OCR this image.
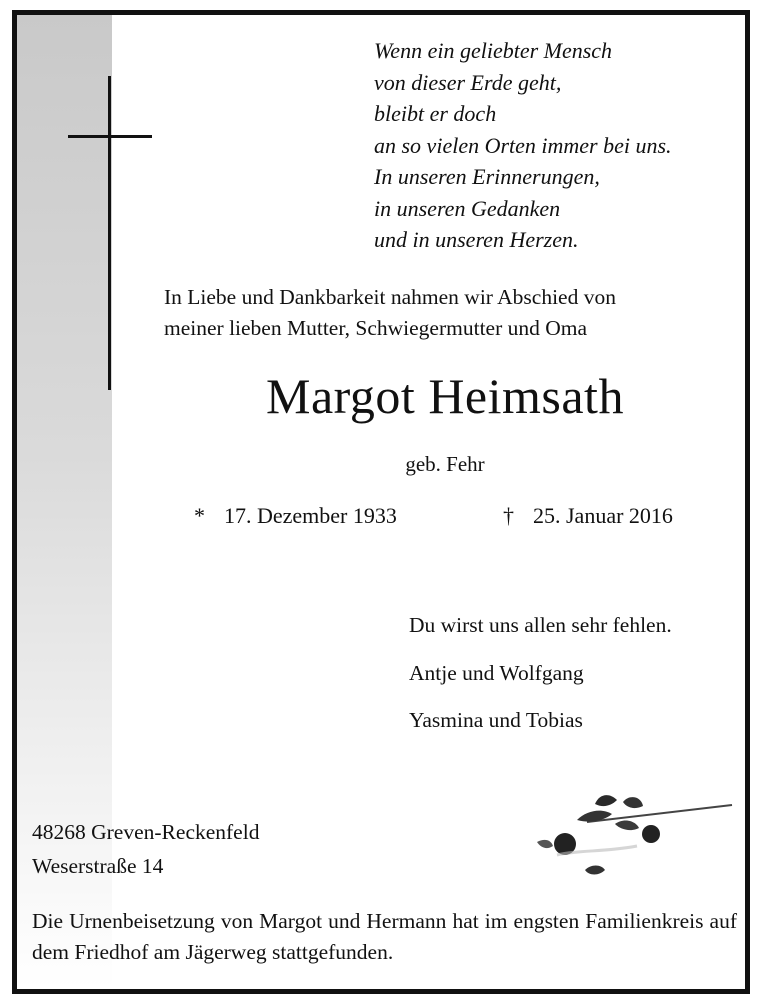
Wenn ein geliebter Mensch
von dieser Erde geht,
bleibt er doch
an so vielen Orten immer bei uns.
In unseren Erinnerungen,
in unseren Gedanken
und in unseren Herzen.
In Liebe und Dankbarkeit nahmen wir Abschied von
meiner lieben Mutter, Schwiegermutter und Oma
Margot Heimsath
geb. Fehr
* 17. Dezember 1933	† 25. Januar 2016
Du wirst uns allen sehr fehlen.
Antje und Wolfgang
Yasmina und Tobias
48268 Greven-Reckenfeld
Weserstraße 14
Die Urnenbeisetzung von Margot und Hermann hat im engsten Familienkreis auf dem Friedhof am Jägerweg stattgefunden.
